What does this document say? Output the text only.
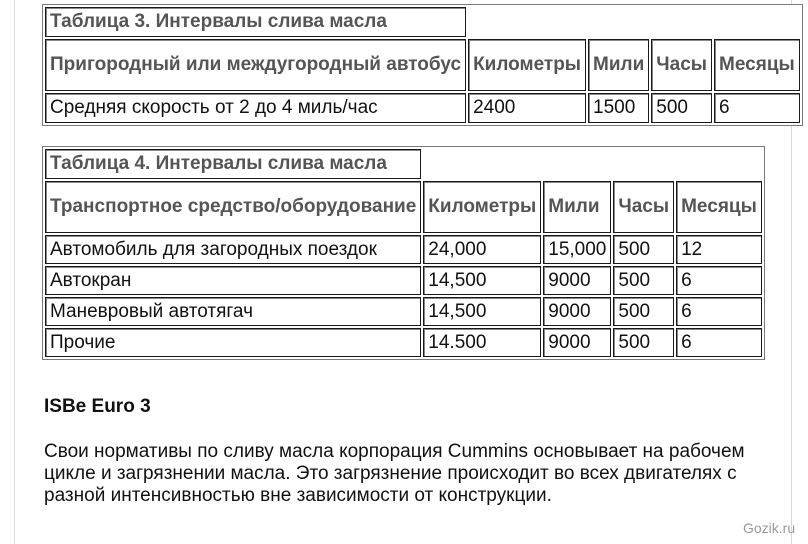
Таблица 3. Интервалы слива масла				
Пригородный или междугородный автобус	Километры	Мили	Часы	Месяцы
Средняя скорость от 2 до 4 миль/час	2400	1500	500	6
Таблица 4. Интервалы слива масла				
Транспортное средство/оборудование	Километры	Мили	Часы	Месяцы
Автомобиль для загородных поездок	24,000	15,000	500	12
Автокран	14,500	9000	500	6
Маневровый автотягач	14,500	9000	500	6
Прочие	14.500	9000	500	6
ISBe Euro 3

Свои нормативы по сливу масла корпорация Cummins основывает на рабочем цикле и загрязнении масла. Это загрязнение происходит во всех двигателях с разной интенсивностью вне зависимости от конструкции.

Gozik.ru
